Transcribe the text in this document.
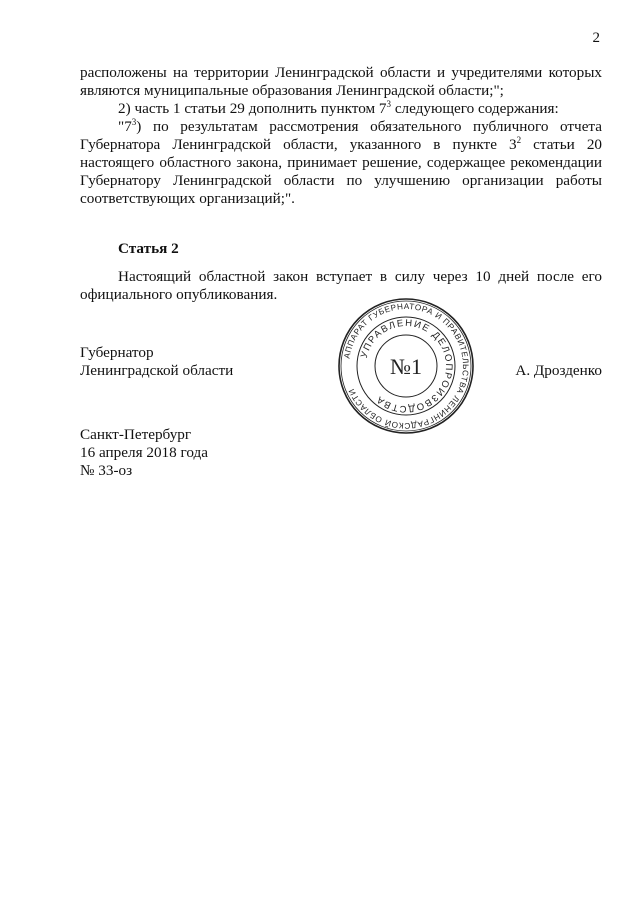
2

расположены на территории Ленинградской области и учредителями которых являются муниципальные образования Ленинградской области;";

2) часть 1 статьи 29 дополнить пунктом $7^3$ следующего содержания:

"$7^3$) по результатам рассмотрения обязательного публичного отчета Губернатора Ленинградской области, указанного в пункте $3^2$ статьи 20 настоящего областного закона, принимает решение, содержащее рекомендации Губернатору Ленинградской области по улучшению организации работы соответствующих организаций;".

Статья 2

Настоящий областной закон вступает в силу через 10 дней после его официального опубликования.

Губернатор
Ленинградской области
АППАРАТ ГУБЕРНАТОРА И ПРАВИТЕЛЬСТВА ЛЕНИНГРАДСКОЙ ОБЛАСТИ
УПРАВЛЕНИЕ ДЕЛОПРОИЗВОДСТВА
№1	А. Дрозденко
Санкт-Петербург
16 апреля 2018 года
№ 33-оз
